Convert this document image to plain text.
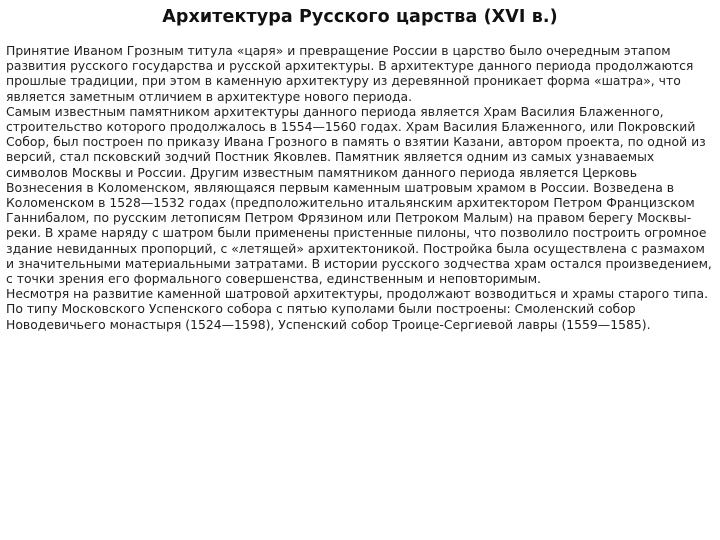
Архитектура Русского царства (XVI в.)

Принятие Иваном Грозным титула «царя» и превращение России в царство было очередным этапом развития русского государства и русской архитектуры. В архитектуре данного периода продолжаются прошлые традиции, при этом в каменную архитектуру из деревянной проникает форма «шатра», что является заметным отличием в архитектуре нового периода.

Самым известным памятником архитектуры данного периода является Храм Василия Блаженного, строительство которого продолжалось в 1554—1560 годах. Храм Василия Блаженного, или Покровский Собор, был построен по приказу Ивана Грозного в память о взятии Казани, автором проекта, по одной из версий, стал псковский зодчий Постник Яковлев. Памятник является одним из самых узнаваемых символов Москвы и России. Другим известным памятником данного периода является Церковь Вознесения в Коломенском, являющаяся первым каменным шатровым храмом в России. Возведена в Коломенском в 1528—1532 годах (предположительно итальянским архитектором Петром Францизском Ганнибалом, по русским летописям Петром Фрязином или Петроком Малым) на правом берегу Москвы-реки. В храме наряду с шатром были применены пристенные пилоны, что позволило построить огромное здание невиданных пропорций, с «летящей» архитектоникой. Постройка была осуществлена с размахом и значительными материальными затратами. В истории русского зодчества храм остался произведением, с точки зрения его формального совершенства, единственным и неповторимым.

Несмотря на развитие каменной шатровой архитектуры, продолжают возводиться и храмы старого типа. По типу Московского Успенского собора с пятью куполами были построены: Смоленский собор Новодевичьего монастыря (1524—1598), Успенский собор Троице-Сергиевой лавры (1559—1585).
